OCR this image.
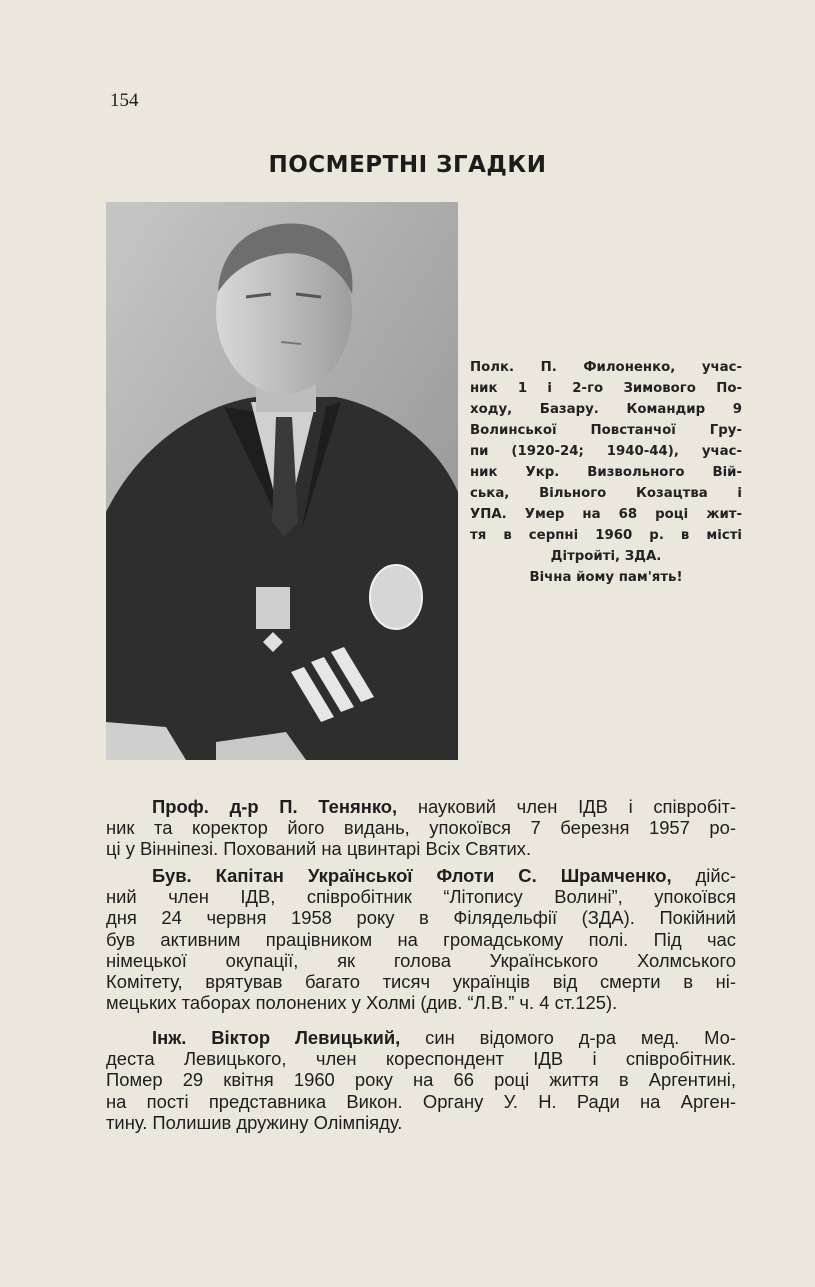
154
ПОСМЕРТНІ ЗГАДКИ
Полк. П. Филоненко, учас-
ник 1 і 2-го Зимового По-
ходу, Базару. Командир 9
Волинської Повстанчої Гру-
пи (1920-24; 1940-44), учас-
ник Укр. Визвольного Вій-
ська, Вільного Козацтва і
УПА. Умер на 68 році жит-
тя в серпні 1960 р. в місті
Дітройті, ЗДА.
Вічна йому пам'ять!
Проф. д-р П. Тенянко, науковий член ІДВ і співробіт-
ник та коректор його видань, упокоївся 7 березня 1957 ро-
ці у Вінніпезі. Похований на цвинтарі Всіх Святих.
Був. Капітан Української Флоти С. Шрамченко, дійс-
ний член ІДВ, співробітник “Літопису Волині”, упокоївся
дня 24 червня 1958 року в Філядельфії (ЗДА). Покійний
був активним працівником на громадському полі. Під час
німецької окупації, як голова Українського Холмського
Комітету, врятував багато тисяч українців від смерти в ні-
мецьких таборах полонених у Холмі (див. “Л.В.” ч. 4 ст.125).
Інж. Віктор Левицький, син відомого д-ра мед. Мо-
деста Левицького, член кореспондент ІДВ і співробітник.
Помер 29 квітня 1960 року на 66 році життя в Аргентині,
на пості представника Викон. Органу У. Н. Ради на Арген-
тину. Полишив дружину Олімпіяду.
